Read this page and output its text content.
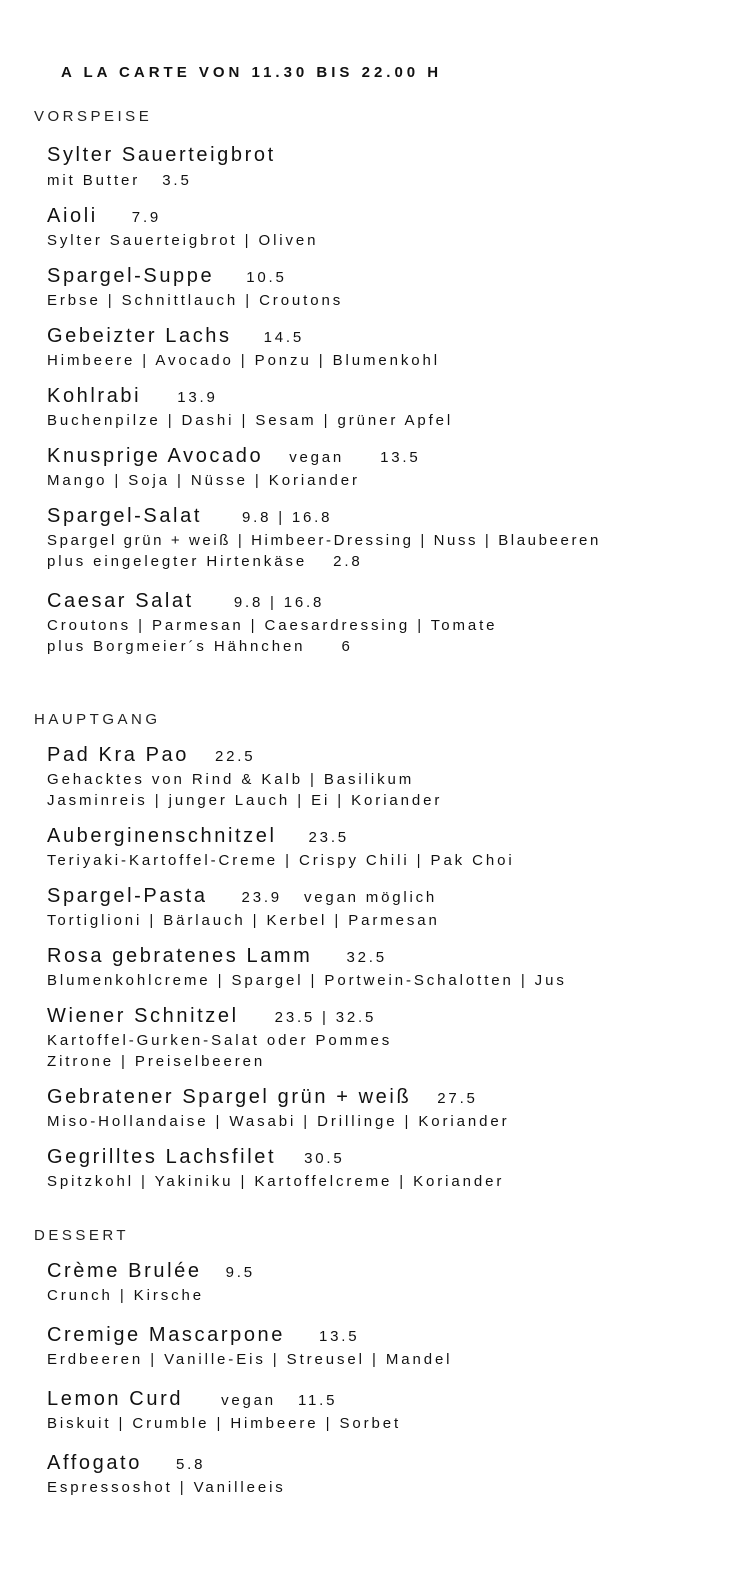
A LA CARTE VON 11.30 BIS 22.00 H
VORSPEISE
Sylter Sauerteigbrot
mit Butter 3.5
Aioli 7.9
Sylter Sauerteigbrot | Oliven
Spargel-Suppe 10.5
Erbse | Schnittlauch | Croutons
Gebeizter Lachs 14.5
Himbeere | Avocado | Ponzu | Blumenkohl
Kohlrabi 13.9
Buchenpilze | Dashi | Sesam | grüner Apfel
Knusprige Avocado vegan 13.5
Mango | Soja | Nüsse | Koriander
Spargel-Salat	9.8 | 16.8
Spargel grün + weiß | Himbeer-Dressing | Nuss | Blaubeeren
plus eingelegter Hirtenkäse 2.8
Caesar Salat	9.8 | 16.8
Croutons | Parmesan | Caesardressing | Tomate
plus Borgmeier´s Hähnchen 6
HAUPTGANG
Pad Kra Pao 22.5
Gehacktes von Rind & Kalb | Basilikum
Jasminreis | junger Lauch | Ei | Koriander
Auberginenschnitzel 23.5
Teriyaki-Kartoffel-Creme | Crispy Chili | Pak Choi
Spargel-Pasta 23.9 vegan möglich
Tortiglioni | Bärlauch | Kerbel | Parmesan
Rosa gebratenes Lamm 32.5
Blumenkohlcreme | Spargel | Portwein-Schalotten | Jus
Wiener Schnitzel 23.5 | 32.5
Kartoffel-Gurken-Salat oder Pommes
Zitrone | Preiselbeeren
Gebratener Spargel grün + weiß 27.5
Miso-Hollandaise | Wasabi | Drillinge | Koriander
Gegrilltes Lachsfilet 30.5
Spitzkohl | Yakiniku | Kartoffelcreme | Koriander
DESSERT
Crème Brulée 9.5
Crunch | Kirsche
Cremige Mascarpone 13.5
Erdbeeren | Vanille-Eis | Streusel | Mandel
Lemon Curd	vegan 11.5
Biskuit | Crumble | Himbeere | Sorbet
Affogato 5.8
Espressoshot | Vanilleeis
